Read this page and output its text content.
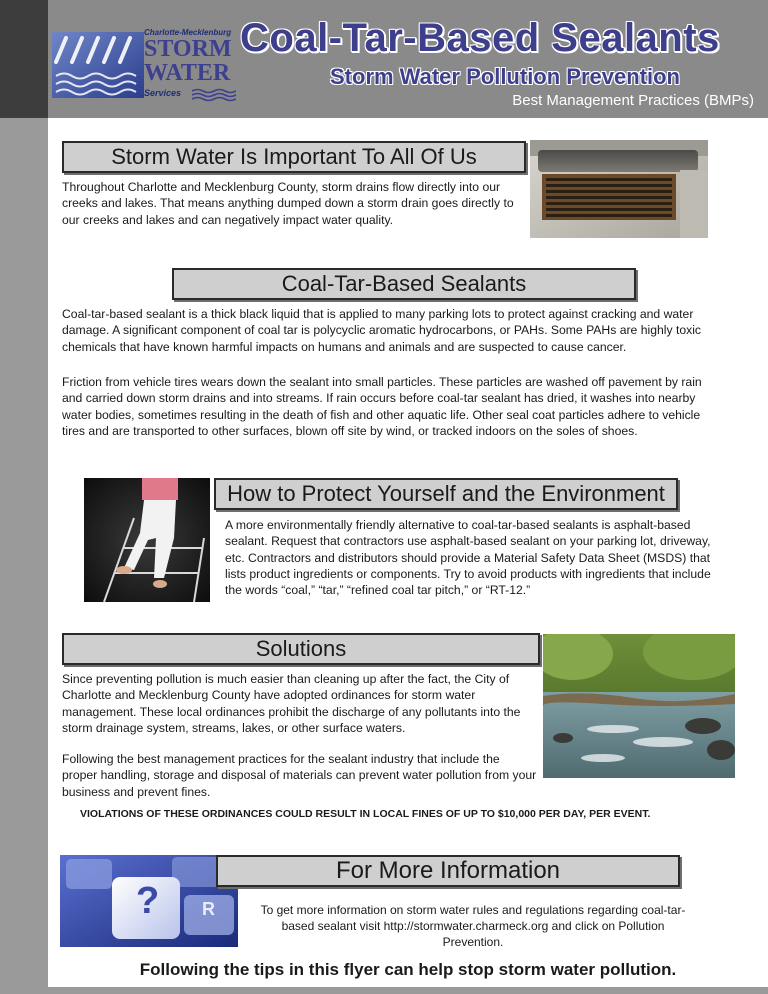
Charlotte-Mecklenburg
STORM
WATER
Services
Coal-Tar-Based Sealants
Storm Water Pollution Prevention
Best Management Practices (BMPs)
Storm Water Is Important To All Of Us
Throughout Charlotte and Mecklenburg County, storm drains flow directly into our creeks and lakes. That means anything dumped down a storm drain goes directly to our creeks and lakes and can negatively impact water quality.
Coal-Tar-Based Sealants
Coal-tar-based sealant is a thick black liquid that is applied to many parking lots to protect against cracking and water damage. A significant component of coal tar is polycyclic aromatic hydrocarbons, or PAHs. Some PAHs are highly toxic chemicals that have known harmful impacts on humans and animals and are suspected to cause cancer.
Friction from vehicle tires wears down the sealant into small particles. These particles are washed off pavement by rain and carried down storm drains and into streams. If rain occurs before coal-tar sealant has dried, it washes into nearby water bodies, sometimes resulting in the death of fish and other aquatic life. Other seal coat particles adhere to vehicle tires and are transported to other surfaces, blown off site by wind, or tracked indoors on the soles of shoes.
How to Protect Yourself and the Environment
A more environmentally friendly alternative to coal-tar-based sealants is asphalt-based sealant. Request that contractors use asphalt-based sealant on your parking lot, driveway, etc. Contractors and distributors should provide a Material Safety Data Sheet (MSDS) that lists product ingredients or components. Try to avoid products with ingredients that include the words “coal,” “tar,” “refined coal tar pitch,” or “RT-12.”
Solutions
Since preventing pollution is much easier than cleaning up after the fact, the City of Charlotte and Mecklenburg County have adopted ordinances for storm water management. These local ordinances prohibit the discharge of any pollutants into the storm drainage system, streams, lakes, or other surface waters.
Following the best management practices for the sealant industry that include the proper handling, storage and disposal of materials can prevent water pollution from your business and prevent fines.
VIOLATIONS OF THESE ORDINANCES COULD RESULT IN LOCAL FINES OF UP TO $10,000 PER DAY, PER EVENT.
? R
For More Information
To get more information on storm water rules and regulations regarding coal-tar-based sealant visit http://stormwater.charmeck.org and click on Pollution Prevention.
Following the tips in this flyer can help stop storm water pollution.
